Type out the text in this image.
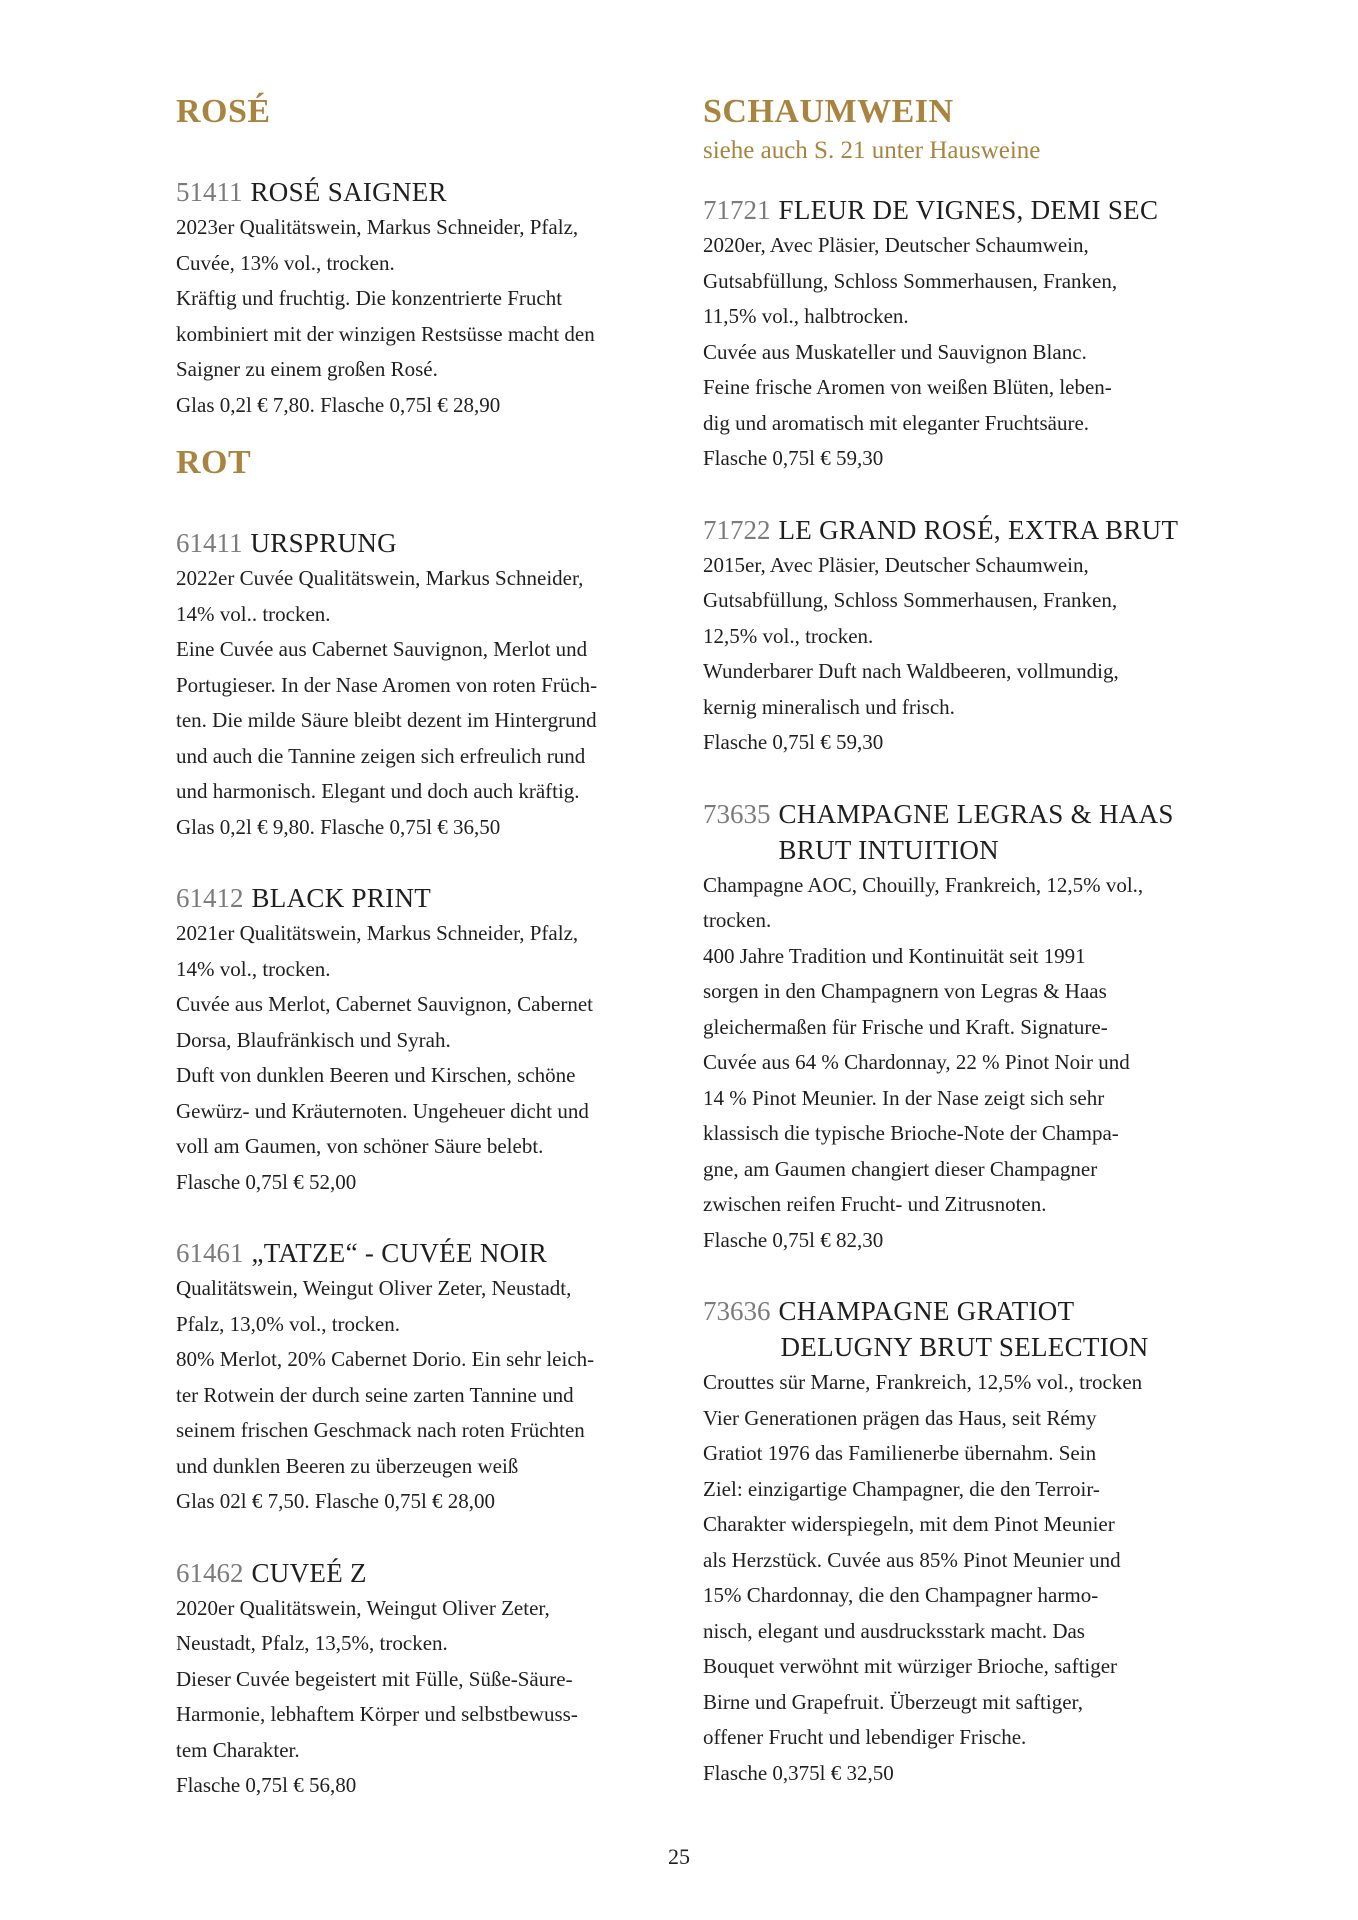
ROSÉ
51411 ROSÉ SAIGNER
2023er Qualitätswein, Markus Schneider, Pfalz,
Cuvée, 13% vol., trocken.
Kräftig und fruchtig. Die konzentrierte Frucht
kombiniert mit der winzigen Restsüsse macht den
Saigner zu einem großen Rosé.
Glas 0,2l € 7,80. Flasche 0,75l € 28,90
ROT
61411 URSPRUNG
2022er Cuvée Qualitätswein, Markus Schneider,
14% vol.. trocken.
Eine Cuvée aus Cabernet Sauvignon, Merlot und
Portugieser. In der Nase Aromen von roten Früch-
ten. Die milde Säure bleibt dezent im Hintergrund
und auch die Tannine zeigen sich erfreulich rund
und harmonisch. Elegant und doch auch kräftig.
Glas 0,2l € 9,80. Flasche 0,75l € 36,50
61412 BLACK PRINT
2021er Qualitätswein, Markus Schneider, Pfalz,
14% vol., trocken.
Cuvée aus Merlot, Cabernet Sauvignon, Cabernet
Dorsa, Blaufränkisch und Syrah.
Duft von dunklen Beeren und Kirschen, schöne
Gewürz- und Kräuternoten. Ungeheuer dicht und
voll am Gaumen, von schöner Säure belebt.
Flasche 0,75l € 52,00
61461 „TATZE“ - CUVÉE NOIR
Qualitätswein, Weingut Oliver Zeter, Neustadt,
Pfalz, 13,0% vol., trocken.
80% Merlot, 20% Cabernet Dorio. Ein sehr leich-
ter Rotwein der durch seine zarten Tannine und
seinem frischen Geschmack nach roten Früchten
und dunklen Beeren zu überzeugen weiß
Glas 02l € 7,50. Flasche 0,75l € 28,00
61462 CUVEÉ Z
2020er Qualitätswein, Weingut Oliver Zeter,
Neustadt, Pfalz, 13,5%, trocken.
Dieser Cuvée begeistert mit Fülle, Süße-Säure-
Harmonie, lebhaftem Körper und selbstbewuss-
tem Charakter.
Flasche 0,75l € 56,80
SCHAUMWEIN

siehe auch S. 21 unter Hausweine

71721 FLEUR DE VIGNES, DEMI SEC
2020er, Avec Pläsier, Deutscher Schaumwein,
Gutsabfüllung, Schloss Sommerhausen, Franken,
11,5% vol., halbtrocken.
Cuvée aus Muskateller und Sauvignon Blanc.
Feine frische Aromen von weißen Blüten, leben-
dig und aromatisch mit eleganter Fruchtsäure.
Flasche 0,75l € 59,30
71722 LE GRAND ROSÉ, EXTRA BRUT
2015er, Avec Pläsier, Deutscher Schaumwein,
Gutsabfüllung, Schloss Sommerhausen, Franken,
12,5% vol., trocken.
Wunderbarer Duft nach Waldbeeren, vollmundig,
kernig mineralisch und frisch.
Flasche 0,75l € 59,30
73635 CHAMPAGNE LEGRAS & HAAS
BRUT INTUITION
Champagne AOC, Chouilly, Frankreich, 12,5% vol.,
trocken.
400 Jahre Tradition und Kontinuität seit 1991
sorgen in den Champagnern von Legras & Haas
gleichermaßen für Frische und Kraft. Signature-
Cuvée aus 64 % Chardonnay, 22 % Pinot Noir und
14 % Pinot Meunier. In der Nase zeigt sich sehr
klassisch die typische Brioche-Note der Champa-
gne, am Gaumen changiert dieser Champagner
zwischen reifen Frucht- und Zitrusnoten.
Flasche 0,75l € 82,30
73636 CHAMPAGNE GRATIOT
DELUGNY BRUT SELECTION
Crouttes sür Marne, Frankreich, 12,5% vol., trocken
Vier Generationen prägen das Haus, seit Rémy
Gratiot 1976 das Familienerbe übernahm. Sein
Ziel: einzigartige Champagner, die den Terroir-
Charakter widerspiegeln, mit dem Pinot Meunier
als Herzstück. Cuvée aus 85% Pinot Meunier und
15% Chardonnay, die den Champagner harmo-
nisch, elegant und ausdrucksstark macht. Das
Bouquet verwöhnt mit würziger Brioche, saftiger
Birne und Grapefruit. Überzeugt mit saftiger,
offener Frucht und lebendiger Frische.
Flasche 0,375l € 32,50
25
